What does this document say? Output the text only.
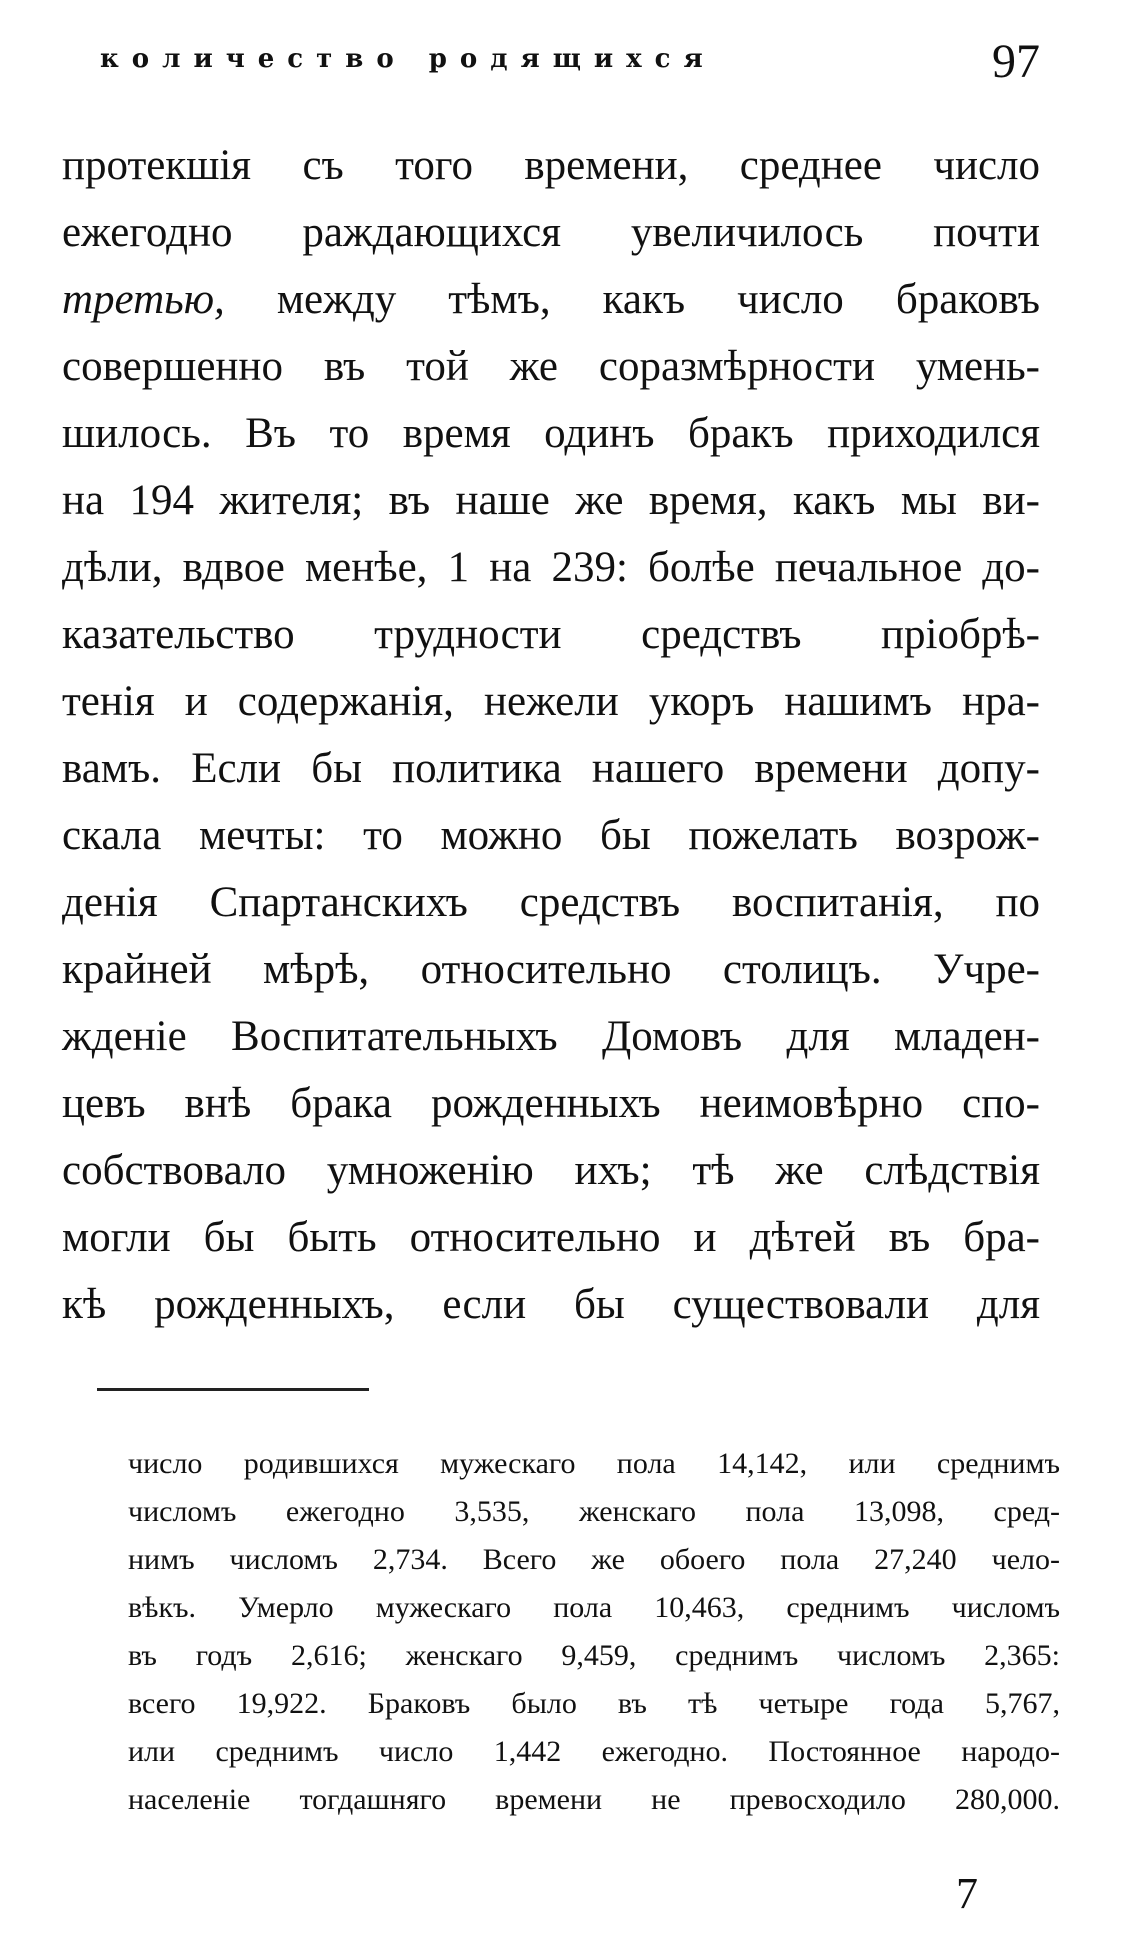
количество родящихся	97
протекшія съ того времени, среднее число
ежегодно раждающихся увеличилось почти
третью, между тѣмъ, какъ число браковъ
совершенно въ той же соразмѣрности умень-
шилось. Въ то время одинъ бракъ приходился
на 194 жителя; въ наше же время, какъ мы ви-
дѣли, вдвое менѣе, 1 на 239: болѣе печальное до-
казательство трудности средствъ пріобрѣ-
тенія и содержанія, нежели укоръ нашимъ нра-
вамъ. Если бы политика нашего времени допу-
скала мечты: то можно бы пожелать возрож-
денія Спартанскихъ средствъ воспитанія, по
крайней мѣрѣ, относительно столицъ. Учре-
жденіе Воспитательныхъ Домовъ для младен-
цевъ внѣ брака рожденныхъ неимовѣрно спо-
собствовало умноженію ихъ; тѣ же слѣдствія
могли бы быть относительно и дѣтей въ бра-
кѣ рожденныхъ, если бы существовали для
число родившихся мужескаго пола 14,142, или среднимъ
числомъ ежегодно 3,535, женскаго пола 13,098, сред-
нимъ числомъ 2,734. Всего же обоего пола 27,240 чело-
вѣкъ. Умерло мужескаго пола 10,463, среднимъ числомъ
въ годъ 2,616; женскаго 9,459, среднимъ числомъ 2,365:
всего 19,922. Браковъ было въ тѣ четыре года 5,767,
или среднимъ число 1,442 ежегодно. Постоянное народо-
населеніе тогдашняго времени не превосходило 280,000.
7
